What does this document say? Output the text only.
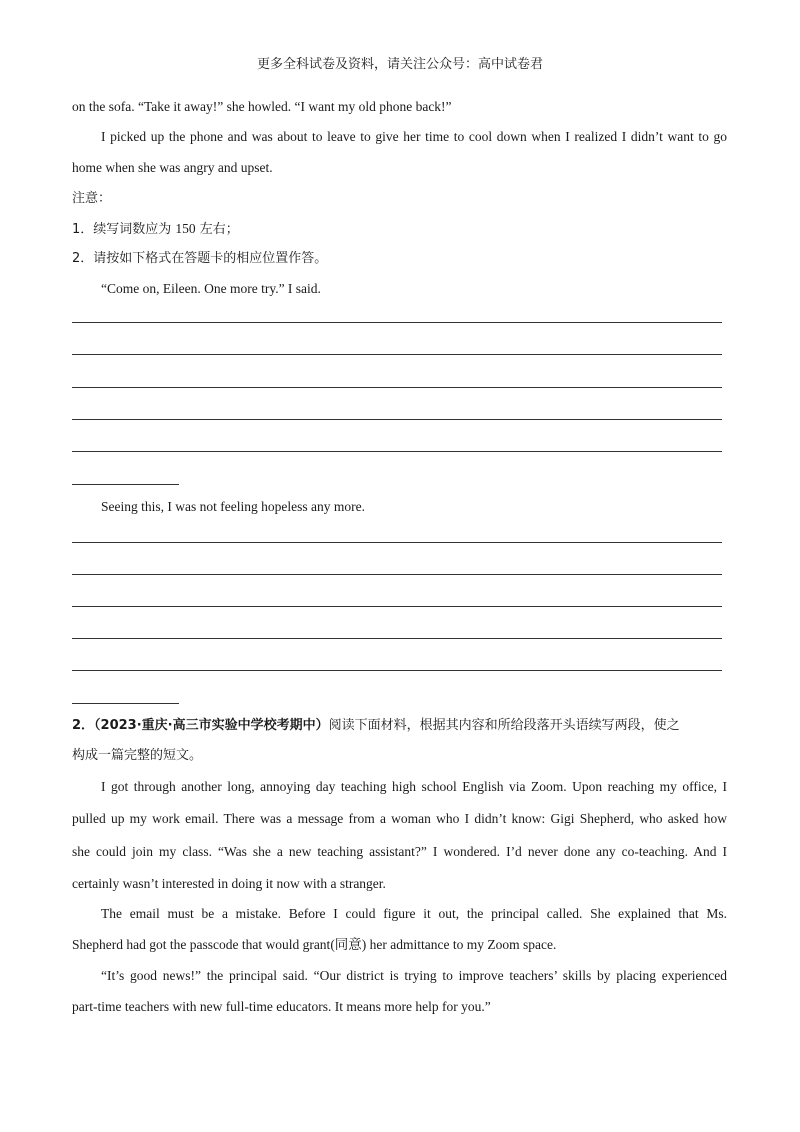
更多全科试卷及资料，请关注公众号：高中试卷君
on the sofa. “Take it away!” she howled. “I want my old phone back!”
I picked up the phone and was about to leave to give her time to cool down when I realized I didn’t want to go
home when she was angry and upset.
注意：
1．续写词数应为 150 左右；
2．请按如下格式在答题卡的相应位置作答。
“Come on, Eileen. One more try.” I said.
Seeing this, I was not feeling hopeless any more.
2．（2023·重庆·高三市实验中学校考期中）阅读下面材料，根据其内容和所给段落开头语续写两段，使之
构成一篇完整的短文。
I got through another long, annoying day teaching high school English via Zoom. Upon reaching my office, I
pulled up my work email. There was a message from a woman who I didn’t know: Gigi Shepherd, who asked how
she could join my class. “Was she a new teaching assistant?” I wondered. I’d never done any co-teaching. And I
certainly wasn’t interested in doing it now with a stranger.
The email must be a mistake. Before I could figure it out, the principal called. She explained that Ms.
Shepherd had got the passcode that would grant(同意) her admittance to my Zoom space.
“It’s good news!” the principal said. “Our district is trying to improve teachers’ skills by placing experienced
part-time teachers with new full-time educators. It means more help for you.”
